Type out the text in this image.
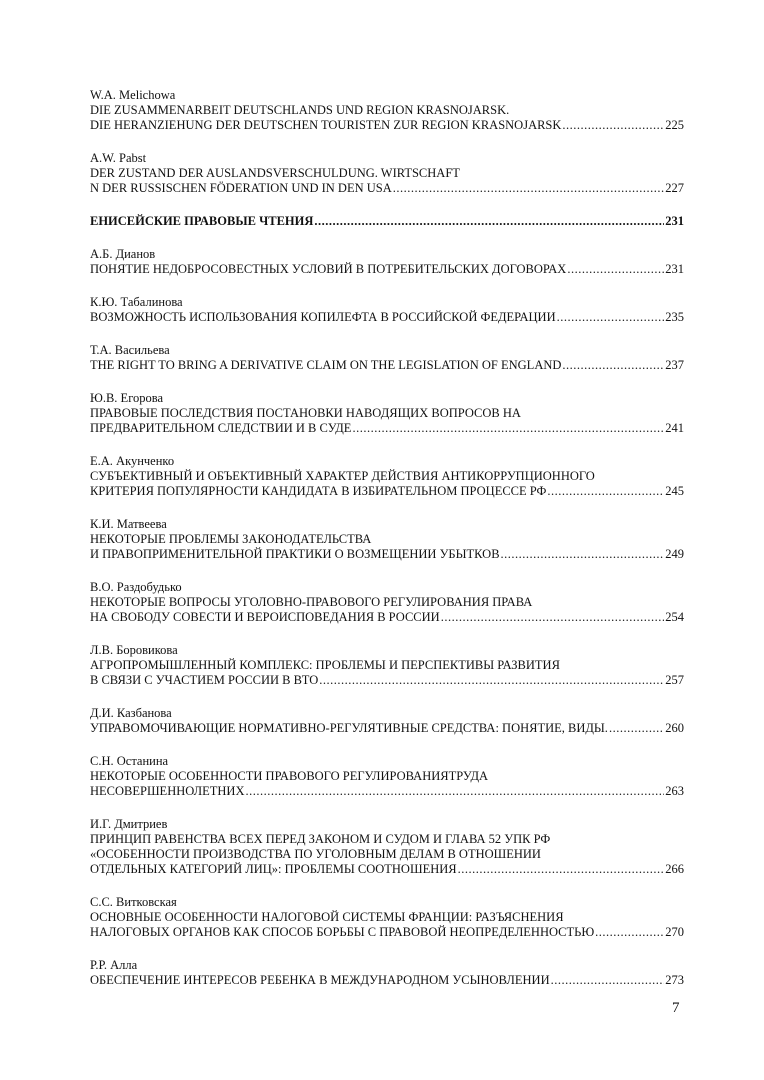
W.A. Melichowa
DIE ZUSAMMENARBEIT DEUTSCHLANDS UND REGION KRASNOJARSK.
DIE HERANZIEHUNG DER DEUTSCHEN TOURISTEN ZUR REGION KRASNOJARSK .....	225
A.W. Pabst
DER ZUSTAND DER AUSLANDSVERSCHULDUNG. WIRTSCHAFT
N DER RUSSISCHEN FÖDERATION UND IN DEN USA .....	227
ЕНИСЕЙСКИЕ ПРАВОВЫЕ ЧТЕНИЯ .....	231
А.Б. Дианов
ПОНЯТИЕ НЕДОБРОСОВЕСТНЫХ УСЛОВИЙ В ПОТРЕБИТЕЛЬСКИХ ДОГОВОРАХ .....	231
К.Ю. Табалинова
ВОЗМОЖНОСТЬ ИСПОЛЬЗОВАНИЯ КОПИЛЕФТА В РОССИЙСКОЙ ФЕДЕРАЦИИ .....	235
Т.А. Васильева
THE RIGHT TO BRING A DERIVATIVE CLAIM ON THE LEGISLATION OF ENGLAND .....	237
Ю.В. Егорова
ПРАВОВЫЕ ПОСЛЕДСТВИЯ ПОСТАНОВКИ НАВОДЯЩИХ ВОПРОСОВ НА
ПРЕДВАРИТЕЛЬНОМ СЛЕДСТВИИ И В СУДЕ .....	241
Е.А. Акунченко
СУБЪЕКТИВНЫЙ И ОБЪЕКТИВНЫЙ ХАРАКТЕР ДЕЙСТВИЯ АНТИКОРРУПЦИОННОГО
КРИТЕРИЯ ПОПУЛЯРНОСТИ КАНДИДАТА В ИЗБИРАТЕЛЬНОМ ПРОЦЕССЕ РФ .....	245
К.И. Матвеева
НЕКОТОРЫЕ ПРОБЛЕМЫ ЗАКОНОДАТЕЛЬСТВА
И ПРАВОПРИМЕНИТЕЛЬНОЙ ПРАКТИКИ О ВОЗМЕЩЕНИИ УБЫТКОВ .....	249
В.О. Раздобудько
НЕКОТОРЫЕ ВОПРОСЫ УГОЛОВНО-ПРАВОВОГО РЕГУЛИРОВАНИЯ ПРАВА
НА СВОБОДУ СОВЕСТИ И ВЕРОИСПОВЕДАНИЯ В РОССИИ .....	254
Л.В. Боровикова
АГРОПРОМЫШЛЕННЫЙ КОМПЛЕКС: ПРОБЛЕМЫ И ПЕРСПЕКТИВЫ РАЗВИТИЯ
В СВЯЗИ С УЧАСТИЕМ РОССИИ В ВТО .....	257
Д.И. Казбанова
УПРАВОМОЧИВАЮЩИЕ НОРМАТИВНО-РЕГУЛЯТИВНЫЕ СРЕДСТВА: ПОНЯТИЕ, ВИДЫ. .....	260
С.Н. Останина
НЕКОТОРЫЕ ОСОБЕННОСТИ ПРАВОВОГО РЕГУЛИРОВАНИЯТРУДА
НЕСОВЕРШЕННОЛЕТНИХ .....	263
И.Г. Дмитриев
ПРИНЦИП РАВЕНСТВА ВСЕХ ПЕРЕД ЗАКОНОМ И СУДОМ И ГЛАВА 52 УПК РФ
«ОСОБЕННОСТИ ПРОИЗВОДСТВА ПО УГОЛОВНЫМ ДЕЛАМ В ОТНОШЕНИИ
ОТДЕЛЬНЫХ КАТЕГОРИЙ ЛИЦ»: ПРОБЛЕМЫ СООТНОШЕНИЯ .....	266
С.С. Витковская
ОСНОВНЫЕ ОСОБЕННОСТИ НАЛОГОВОЙ СИСТЕМЫ ФРАНЦИИ: РАЗЪЯСНЕНИЯ
НАЛОГОВЫХ ОРГАНОВ КАК СПОСОБ БОРЬБЫ С ПРАВОВОЙ НЕОПРЕДЕЛЕННОСТЬЮ .....	270
Р.Р. Алла
ОБЕСПЕЧЕНИЕ ИНТЕРЕСОВ РЕБЕНКА В МЕЖДУНАРОДНОМ УСЫНОВЛЕНИИ .....	273
7
